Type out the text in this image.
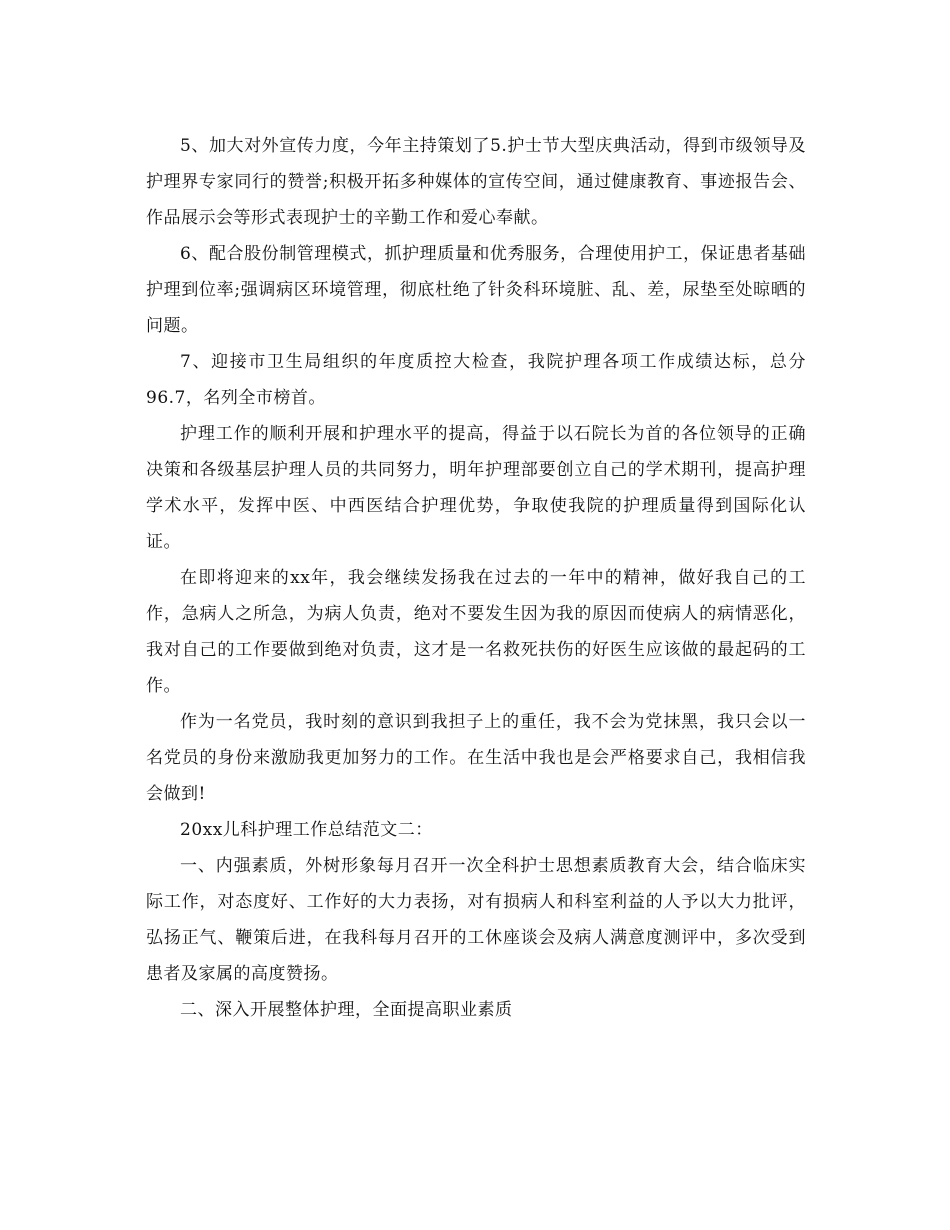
5、加大对外宣传力度，今年主持策划了5.护士节大型庆典活动，得到市级领导及护理界专家同行的赞誉;积极开拓多种媒体的宣传空间，通过健康教育、事迹报告会、作品展示会等形式表现护士的辛勤工作和爱心奉献。

6、配合股份制管理模式，抓护理质量和优秀服务，合理使用护工，保证患者基础护理到位率;强调病区环境管理，彻底杜绝了针灸科环境脏、乱、差，尿垫至处晾晒的问题。

7、迎接市卫生局组织的年度质控大检查，我院护理各项工作成绩达标，总分96.7，名列全市榜首。

护理工作的顺利开展和护理水平的提高，得益于以石院长为首的各位领导的正确决策和各级基层护理人员的共同努力，明年护理部要创立自己的学术期刊，提高护理学术水平，发挥中医、中西医结合护理优势，争取使我院的护理质量得到国际化认证。

在即将迎来的xx年，我会继续发扬我在过去的一年中的精神，做好我自己的工作，急病人之所急，为病人负责，绝对不要发生因为我的原因而使病人的病情恶化，我对自己的工作要做到绝对负责，这才是一名救死扶伤的好医生应该做的最起码的工作。

作为一名党员，我时刻的意识到我担子上的重任，我不会为党抹黑，我只会以一名党员的身份来激励我更加努力的工作。在生活中我也是会严格要求自己，我相信我会做到!

20xx儿科护理工作总结范文二：

一、内强素质，外树形象每月召开一次全科护士思想素质教育大会，结合临床实际工作，对态度好、工作好的大力表扬，对有损病人和科室利益的人予以大力批评，弘扬正气、鞭策后进，在我科每月召开的工休座谈会及病人满意度测评中，多次受到患者及家属的高度赞扬。

二、深入开展整体护理，全面提高职业素质
